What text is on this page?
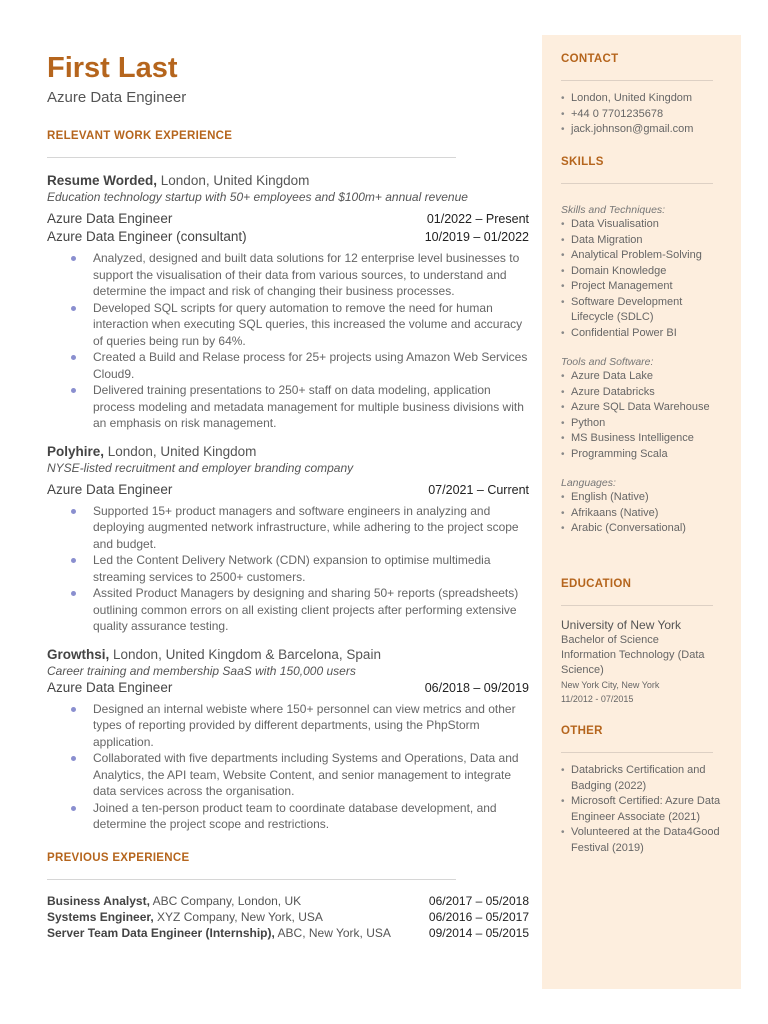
First Last
Azure Data Engineer
RELEVANT WORK EXPERIENCE
Resume Worded, London, United Kingdom
Education technology startup with 50+ employees and $100m+ annual revenue
Azure Data Engineer	01/2022 – Present
Azure Data Engineer (consultant)	10/2019 – 01/2022
Analyzed, designed and built data solutions for 12 enterprise level businesses to support the visualisation of their data from various sources, to understand and determine the impact and risk of changing their business processes.
Developed SQL scripts for query automation to remove the need for human interaction when executing SQL queries, this increased the volume and accuracy of queries being run by 64%.
Created a Build and Relase process for 25+ projects using Amazon Web Services Cloud9.
Delivered training presentations to 250+ staff on data modeling, application process modeling and metadata management for multiple business divisions with an emphasis on risk management.
Polyhire, London, United Kingdom
NYSE-listed recruitment and employer branding company
Azure Data Engineer	07/2021 – Current
Supported 15+ product managers and software engineers in analyzing and deploying augmented network infrastructure, while adhering to the project scope and budget.
Led the Content Delivery Network (CDN) expansion to optimise multimedia streaming services to 2500+ customers.
Assited Product Managers by designing and sharing 50+ reports (spreadsheets) outlining common errors on all existing client projects after performing extensive quality assurance testing.
Growthsi, London, United Kingdom & Barcelona, Spain
Career training and membership SaaS with 150,000 users
Azure Data Engineer	06/2018 – 09/2019
Designed an internal webiste where 150+ personnel can view metrics and other types of reporting provided by different departments, using the PhpStorm application.
Collaborated with five departments including Systems and Operations, Data and Analytics, the API team, Website Content, and senior management to integrate data services across the organisation.
Joined a ten-person product team to coordinate database development, and determine the project scope and restrictions.
PREVIOUS EXPERIENCE
Business Analyst, ABC Company, London, UK	06/2017 – 05/2018
Systems Engineer, XYZ Company, New York, USA	06/2016 – 05/2017
Server Team Data Engineer (Internship), ABC, New York, USA	09/2014 – 05/2015
CONTACT
• London, United Kingdom
• +44 0 7701235678
• jack.johnson@gmail.com
SKILLS
Skills and Techniques:
• Data Visualisation
• Data Migration
• Analytical Problem-Solving
• Domain Knowledge
• Project Management
• Software Development Lifecycle (SDLC)
• Confidential Power BI
Tools and Software:
• Azure Data Lake
• Azure Databricks
• Azure SQL Data Warehouse
• Python
• MS Business Intelligence
• Programming Scala
Languages:
• English (Native)
• Afrikaans (Native)
• Arabic (Conversational)
EDUCATION
University of New York
Bachelor of Science Information Technology (Data Science)
New York City, New York
11/2012 - 07/2015
OTHER
• Databricks Certification and Badging (2022)
• Microsoft Certified: Azure Data Engineer Associate (2021)
• Volunteered at the Data4Good Festival (2019)
